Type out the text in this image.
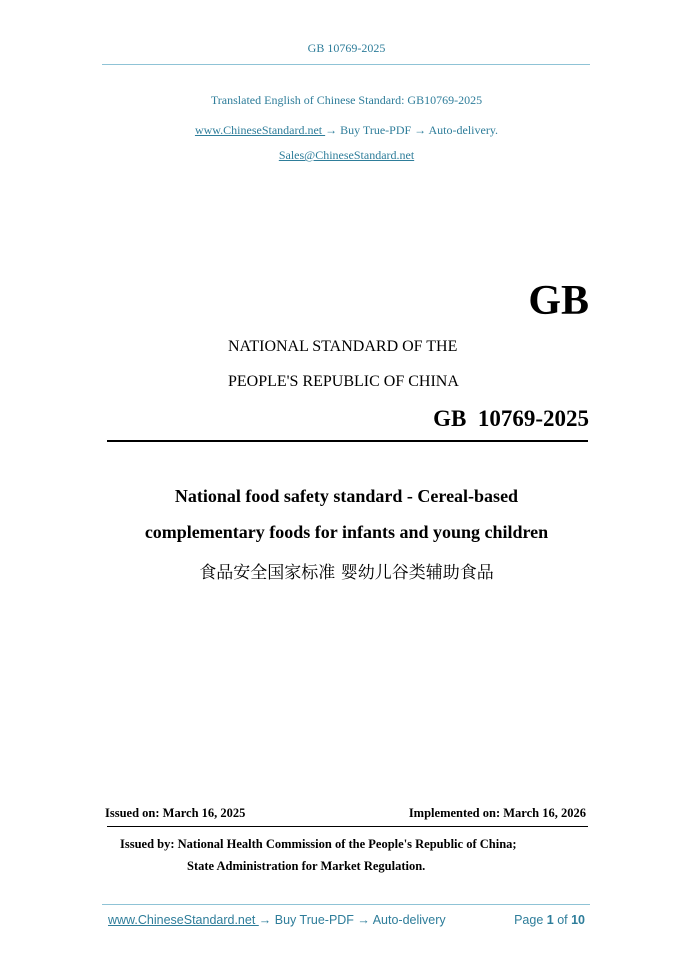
GB 10769-2025
Translated English of Chinese Standard: GB10769-2025
www.ChineseStandard.net → Buy True-PDF → Auto-delivery.
Sales@ChineseStandard.net
GB
NATIONAL STANDARD OF THE
PEOPLE'S REPUBLIC OF CHINA
GB  10769-2025
National food safety standard - Cereal-based
complementary foods for infants and young children
食品安全国家标准 婴幼儿谷类辅助食品
Issued on: March 16, 2025	Implemented on: March 16, 2026
Issued by: National Health Commission of the People's Republic of China;
State Administration for Market Regulation.
www.ChineseStandard.net → Buy True-PDF → Auto-delivery	Page 1 of 10
